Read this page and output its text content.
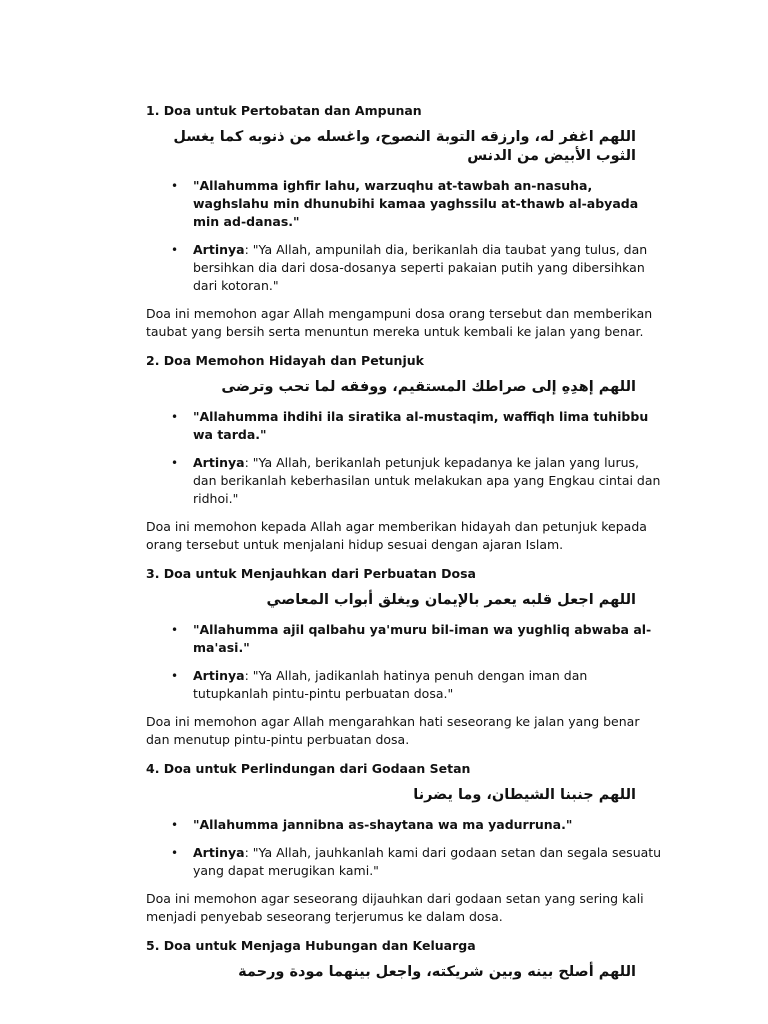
1. Doa untuk Pertobatan dan Ampunan
اللهم اغفر له، وارزقه التوبة النصوح، واغسله من ذنوبه كما يغسل الثوب الأبيض من الدنس
• "Allahumma ighfir lahu, warzuqhu at-tawbah an-nasuha, waghslahu min dhunubihi kamaa yaghssilu at-thawb al-abyada min ad-danas."
• Artinya: "Ya Allah, ampunilah dia, berikanlah dia taubat yang tulus, dan bersihkan dia dari dosa-dosanya seperti pakaian putih yang dibersihkan dari kotoran."

Doa ini memohon agar Allah mengampuni dosa orang tersebut dan memberikan taubat yang bersih serta menuntun mereka untuk kembali ke jalan yang benar.

2. Doa Memohon Hidayah dan Petunjuk
اللهم إهدِهِ إلى صراطك المستقيم، ووفقه لما تحب وترضى
• "Allahumma ihdihi ila siratika al-mustaqim, waffiqh lima tuhibbu wa tarda."
• Artinya: "Ya Allah, berikanlah petunjuk kepadanya ke jalan yang lurus, dan berikanlah keberhasilan untuk melakukan apa yang Engkau cintai dan ridhoi."

Doa ini memohon kepada Allah agar memberikan hidayah dan petunjuk kepada orang tersebut untuk menjalani hidup sesuai dengan ajaran Islam.

3. Doa untuk Menjauhkan dari Perbuatan Dosa
اللهم اجعل قلبه يعمر بالإيمان ويغلق أبواب المعاصي
• "Allahumma ajil qalbahu ya'muru bil-iman wa yughliq abwaba al-ma'asi."
• Artinya: "Ya Allah, jadikanlah hatinya penuh dengan iman dan tutupkanlah pintu-pintu perbuatan dosa."

Doa ini memohon agar Allah mengarahkan hati seseorang ke jalan yang benar dan menutup pintu-pintu perbuatan dosa.

4. Doa untuk Perlindungan dari Godaan Setan
اللهم جنبنا الشيطان، وما يضرنا
• "Allahumma jannibna as-shaytana wa ma yadurruna."
• Artinya: "Ya Allah, jauhkanlah kami dari godaan setan dan segala sesuatu yang dapat merugikan kami."

Doa ini memohon agar seseorang dijauhkan dari godaan setan yang sering kali menjadi penyebab seseorang terjerumus ke dalam dosa.

5. Doa untuk Menjaga Hubungan dan Keluarga
اللهم أصلح بينه وبين شريكته، واجعل بينهما مودة ورحمة
